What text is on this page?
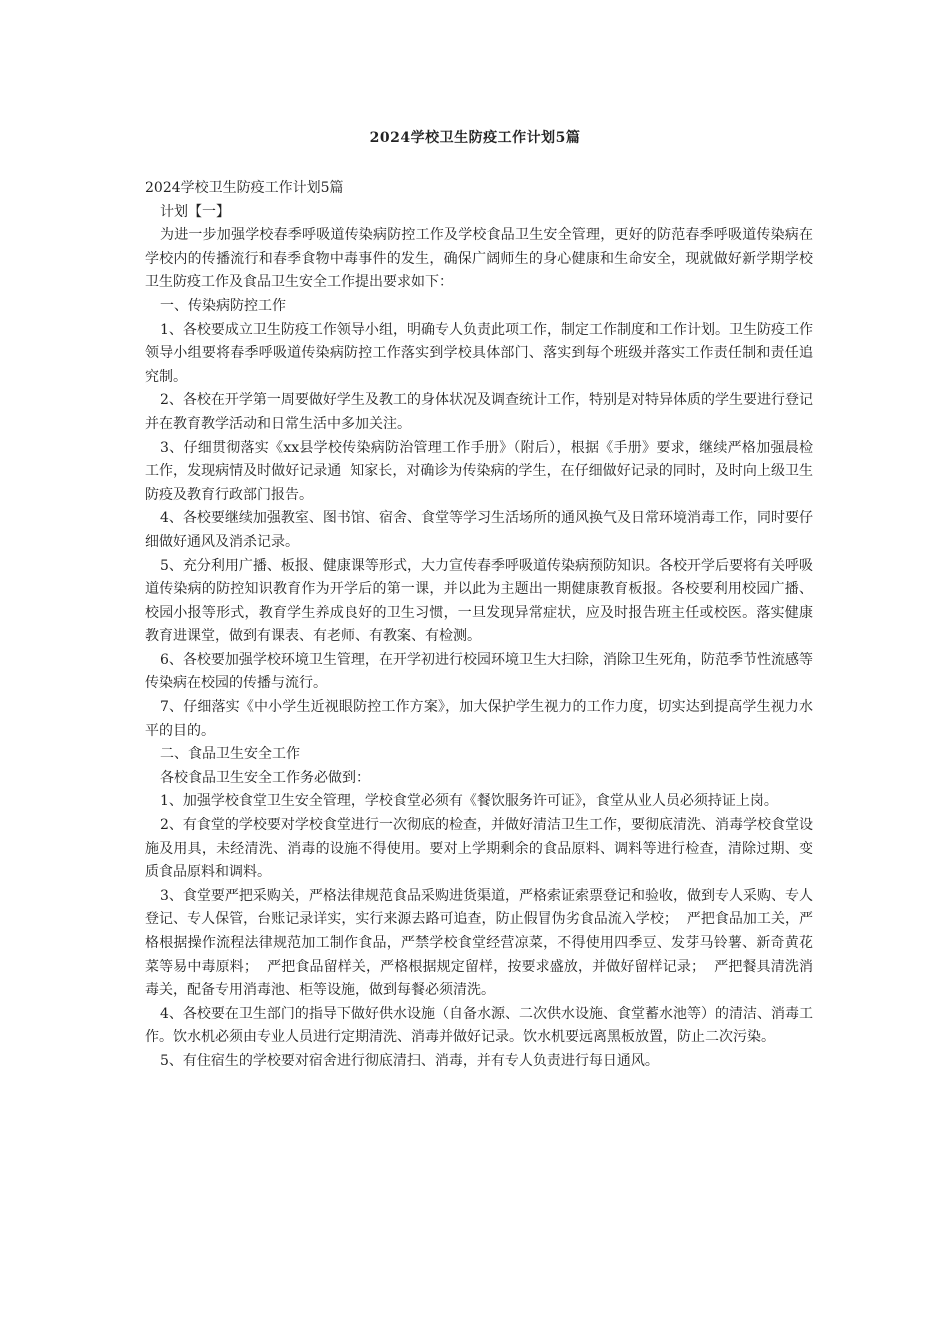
2024学校卫生防疫工作计划5篇

2024学校卫生防疫工作计划5篇

计划【一】

为进一步加强学校春季呼吸道传染病防控工作及学校食品卫生安全管理，更好的防范春季呼吸道传染病在学校内的传播流行和春季食物中毒事件的发生，确保广阔师生的身心健康和生命安全，现就做好新学期学校卫生防疫工作及食品卫生安全工作提出要求如下：

一、传染病防控工作

1、各校要成立卫生防疫工作领导小组，明确专人负责此项工作，制定工作制度和工作计划。卫生防疫工作领导小组要将春季呼吸道传染病防控工作落实到学校具体部门、落实到每个班级并落实工作责任制和责任追究制。

2、各校在开学第一周要做好学生及教工的身体状况及调查统计工作，特别是对特异体质的学生要进行登记并在教育教学活动和日常生活中多加关注。

3、仔细贯彻落实《xx县学校传染病防治管理工作手册》（附后），根据《手册》要求，继续严格加强晨检工作，发现病情及时做好记录通  知家长，对确诊为传染病的学生，在仔细做好记录的同时，及时向上级卫生防疫及教育行政部门报告。

4、各校要继续加强教室、图书馆、宿舍、食堂等学习生活场所的通风换气及日常环境消毒工作，同时要仔细做好通风及消杀记录。

5、充分利用广播、板报、健康课等形式，大力宣传春季呼吸道传染病预防知识。各校开学后要将有关呼吸道传染病的防控知识教育作为开学后的第一课，并以此为主题出一期健康教育板报。各校要利用校园广播、校园小报等形式，教育学生养成良好的卫生习惯，一旦发现异常症状，应及时报告班主任或校医。落实健康教育进课堂，做到有课表、有老师、有教案、有检测。

6、各校要加强学校环境卫生管理，在开学初进行校园环境卫生大扫除，消除卫生死角，防范季节性流感等传染病在校园的传播与流行。

7、仔细落实《中小学生近视眼防控工作方案》，加大保护学生视力的工作力度，切实达到提高学生视力水平的目的。

二、食品卫生安全工作

各校食品卫生安全工作务必做到：

1、加强学校食堂卫生安全管理，学校食堂必须有《餐饮服务许可证》，食堂从业人员必须持证上岗。

2、有食堂的学校要对学校食堂进行一次彻底的检查，并做好清洁卫生工作，要彻底清洗、消毒学校食堂设施及用具，未经清洗、消毒的设施不得使用。要对上学期剩余的食品原料、调料等进行检查，清除过期、变质食品原料和调料。

3、食堂要严把采购关，严格法律规范食品采购进货渠道，严格索证索票登记和验收，做到专人采购、专人登记、专人保管，台账记录详实，实行来源去路可追查，防止假冒伪劣食品流入学校；  严把食品加工关，严格根据操作流程法律规范加工制作食品，严禁学校食堂经营凉菜，不得使用四季豆、发芽马铃薯、新奇黄花菜等易中毒原料；  严把食品留样关，严格根据规定留样，按要求盛放，并做好留样记录；  严把餐具清洗消毒关，配备专用消毒池、柜等设施，做到每餐必须清洗。

4、各校要在卫生部门的指导下做好供水设施（自备水源、二次供水设施、食堂蓄水池等）的清洁、消毒工作。饮水机必须由专业人员进行定期清洗、消毒并做好记录。饮水机要远离黑板放置，防止二次污染。

5、有住宿生的学校要对宿舍进行彻底清扫、消毒，并有专人负责进行每日通风。
